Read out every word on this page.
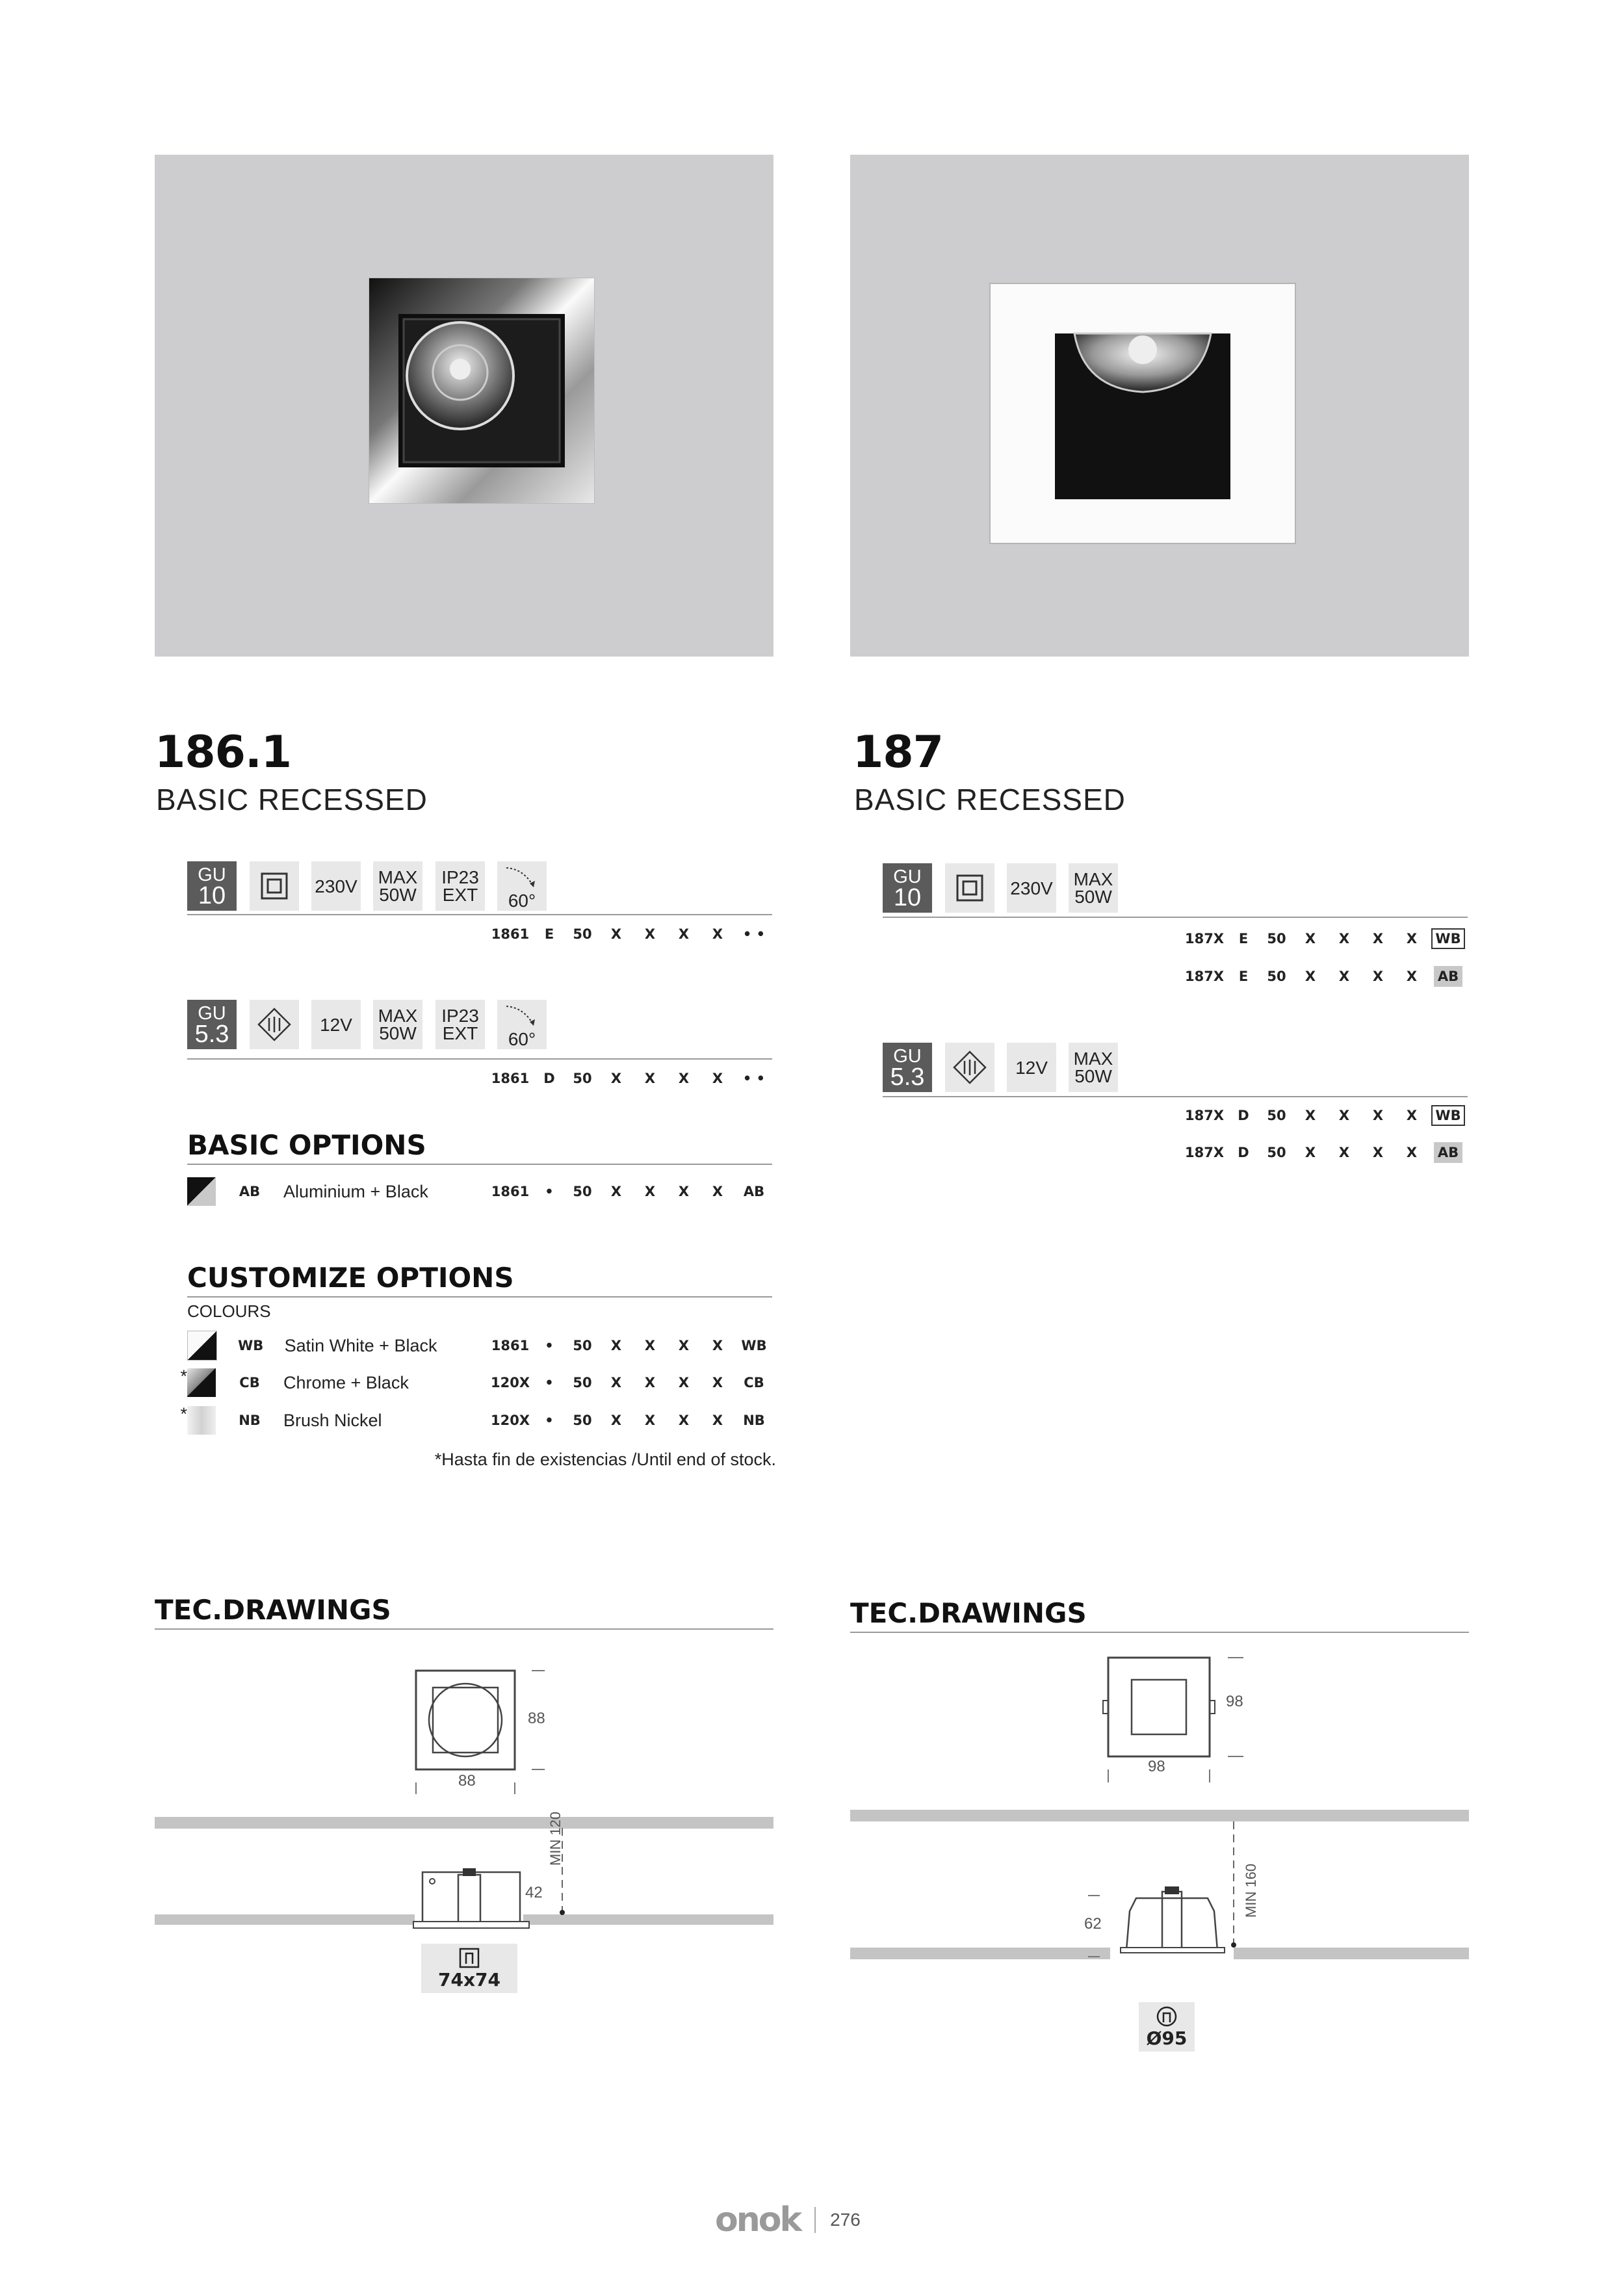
186.1
BASIC RECESSED
187
BASIC RECESSED
GU
10	230V MAX
50W
IP23
EXT 60°
1861	E	50	X	X	X	X	• •
GU
5.3	12V MAX
50W
IP23
EXT 60°
1861	D	50	X	X	X	X	• •
BASIC OPTIONS
AB	Aluminium + Black	1861	•	50	X	X	X	X	AB
CUSTOMIZE OPTIONS
COLOURS
WB	Satin White + Black	1861	•	50	X	X	X	X	WB
*	CB	Chrome + Black	120X	•	50	X	X	X	X	CB
*	NB	Brush Nickel	120X	•	50	X	X	X	X	NB
*Hasta fin de existencias /Until end of stock.
GU
10	230V MAX
50W
187X	E	50	X	X	X	X	WB
187X	E	50	X	X	X	X	AB
GU
5.3	12V MAX
50W
187X	D	50	X	X	X	X	WB
187X	D	50	X	X	X	X	AB
TEC.DRAWINGS
88
88
42
MIN 120
74x74
TEC.DRAWINGS
98
98
62
MIN 160
Ø95
onok 276
